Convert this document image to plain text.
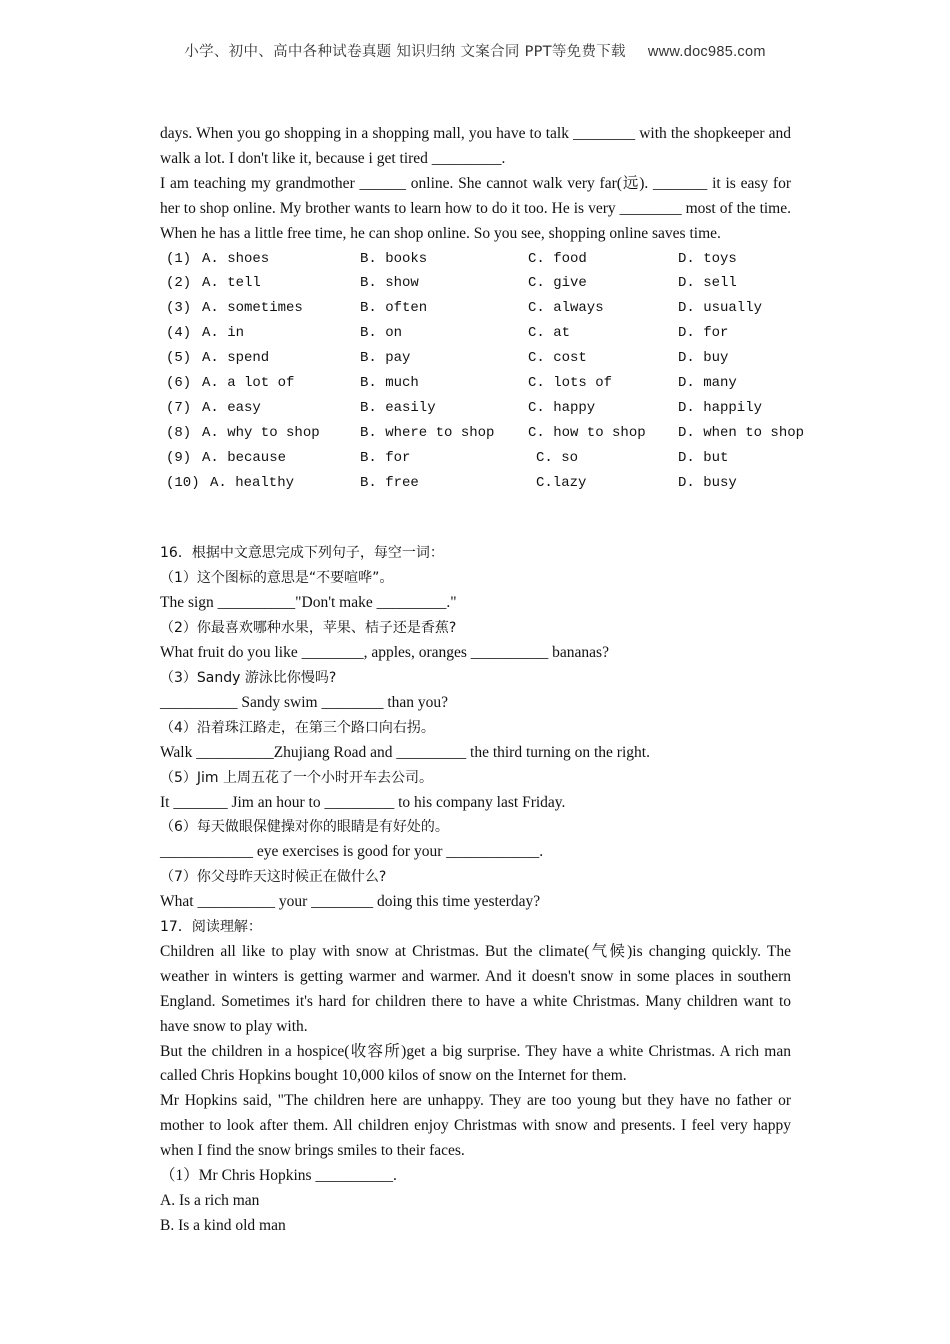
小学、初中、高中各种试卷真题 知识归纳 文案合同 PPT等免费下载 www.doc985.com

days. When you go shopping in a shopping mall, you have to talk ________ with the shopkeeper and walk a lot. I don't like it, because i get tired _________.

I am teaching my grandmother ______ online. She cannot walk very far(远). _______ it is easy for her to shop online. My brother wants to learn how to do it too. He is very ________ most of the time. When he has a little free time, he can shop online. So you see, shopping online saves time.

(1) A. shoes	B. books	C. food	D. toys
(2) A. tell	B. show	C. give	D. sell
(3) A. sometimes	B. often	C. always	D. usually
(4) A. in	B. on	C. at	D. for
(5) A. spend	B. pay	C. cost	D. buy
(6) A. a lot of	B. much	C. lots of	D. many
(7) A. easy	B. easily	C. happy	D. happily
(8) A. why to shop	B. where to shop C. how to shop D. when to shop
(9) A. because	B. for	C. so	D. but
(10) A. healthy	B. free	C.lazy	D. busy

16．根据中文意思完成下列句子，每空一词：

（1）这个图标的意思是“不要喧哗”。

The sign __________"Don't make _________."

（2）你最喜欢哪种水果，苹果、桔子还是香蕉?

What fruit do you like ________, apples, oranges __________ bananas?

（3）Sandy 游泳比你慢吗?

__________ Sandy swim ________ than you?

（4）沿着珠江路走，在第三个路口向右拐。

Walk __________Zhujiang Road and _________ the third turning on the right.

（5）Jim 上周五花了一个小时开车去公司。

It _______ Jim an hour to _________ to his company last Friday.

（6）每天做眼保健操对你的眼睛是有好处的。

____________ eye exercises is good for your ____________.

（7）你父母昨天这时候正在做什么?

What __________ your ________ doing this time yesterday?

17．阅读理解：

Children all like to play with snow at Christmas. But the climate(气候)is changing quickly. The weather in winters is getting warmer and warmer. And it doesn't snow in some places in southern England. Sometimes it's hard for children there to have a white Christmas. Many children want to have snow to play with.

But the children in a hospice(收容所)get a big surprise. They have a white Christmas. A rich man called Chris Hopkins bought 10,000 kilos of snow on the Internet for them.

Mr Hopkins said, "The children here are unhappy. They are too young but they have no father or mother to look after them. All children enjoy Christmas with snow and presents. I feel very happy when I find the snow brings smiles to their faces.

（1）Mr Chris Hopkins __________.

A. Is a rich man

B. Is a kind old man
